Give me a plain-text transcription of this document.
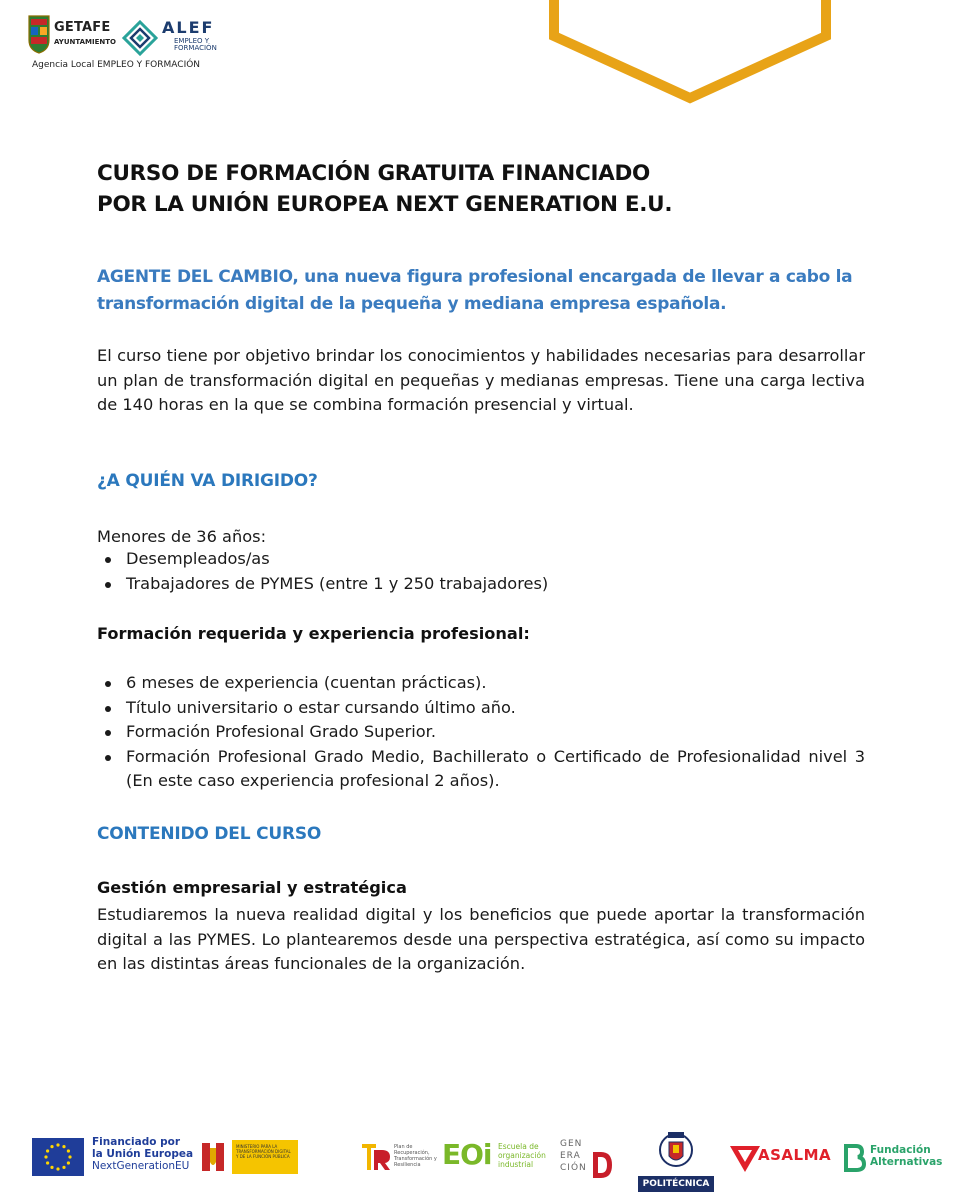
GETAFE
AYUNTAMIENTO
ALEF
EMPLEO Y FORMACIÓN
Agencia Local EMPLEO Y FORMACIÓN
CURSO DE FORMACIÓN GRATUITA FINANCIADO
POR LA UNIÓN EUROPEA NEXT GENERATION E.U.

AGENTE DEL CAMBIO, una nueva figura profesional encargada de llevar a cabo la transformación digital de la pequeña y mediana empresa española.

El curso tiene por objetivo brindar los conocimientos y habilidades necesarias para desarrollar un plan de transformación digital en pequeñas y medianas empresas. Tiene una carga lectiva de 140 horas en la que se combina formación presencial y virtual.

¿A QUIÉN VA DIRIGIDO?

Menores de 36 años:

Desempleados/as
Trabajadores de PYMES (entre 1 y 250 trabajadores)
Formación requerida y experiencia profesional:
6 meses de experiencia (cuentan prácticas).
Título universitario o estar cursando último año.
Formación Profesional Grado Superior.
Formación Profesional Grado Medio, Bachillerato o Certificado de Profesionalidad nivel 3 (En este caso experiencia profesional 2 años).
CONTENIDO DEL CURSO
Gestión empresarial y estratégica

Estudiaremos la nueva realidad digital y los beneficios que puede aportar la transformación digital a las PYMES. Lo plantearemos desde una perspectiva estratégica, así como su impacto en las distintas áreas funcionales de la organización.

Financiado por
la Unión Europea
NextGenerationEU
MINISTERIO PARA LA TRANSFORMACIÓN DIGITAL Y DE LA FUNCIÓN PÚBLICA
Plan de Recuperación, Transformación y Resiliencia EOi Escuela de organización industrial
GEN
ERA
CIÓN
POLITÉCNICA
ASALMA	Fundación
Alternativas
